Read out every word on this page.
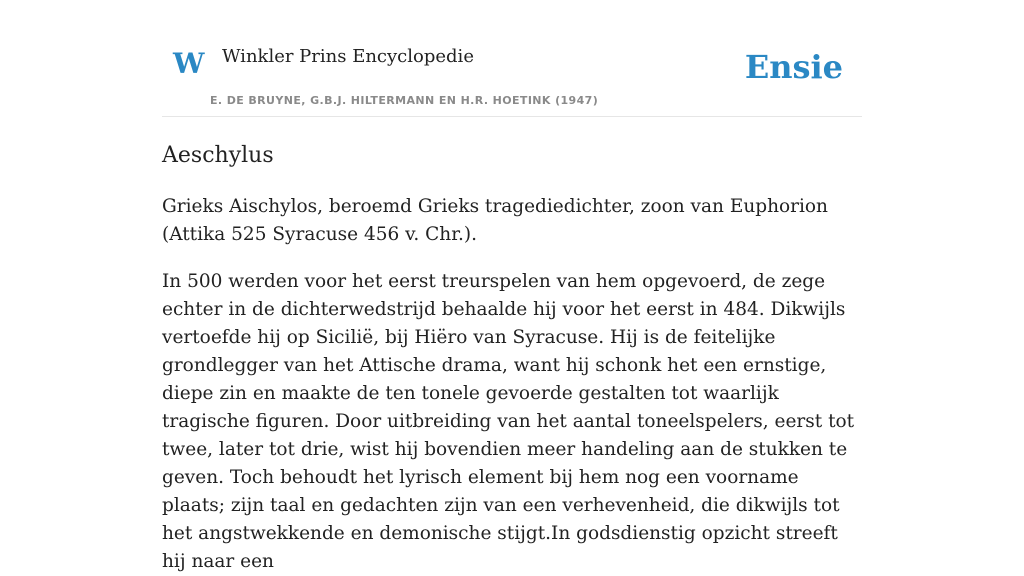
W Winkler Prins Encyclopedie
E. DE BRUYNE, G.B.J. HILTERMANN EN H.R. HOETINK (1947)
Ensie
Aeschylus

Grieks Aischylos, beroemd Grieks tragediedichter, zoon van Euphorion (Attika 525 Syracuse 456 v. Chr.).

In 500 werden voor het eerst treurspelen van hem opgevoerd, de zege echter in de dichterwedstrijd behaalde hij voor het eerst in 484. Dikwijls vertoefde hij op Sicilië, bij Hiëro van Syracuse. Hij is de feitelijke grondlegger van het Attische drama, want hij schonk het een ernstige, diepe zin en maakte de ten tonele gevoerde gestalten tot waarlijk tragische figuren. Door uitbreiding van het aantal toneelspelers, eerst tot twee, later tot drie, wist hij bovendien meer handeling aan de stukken te geven. Toch behoudt het lyrisch element bij hem nog een voorname plaats; zijn taal en gedachten zijn van een verhevenheid, die dikwijls tot het angstwekkende en demonische stijgt.In godsdienstig opzicht streeft hij naar een
